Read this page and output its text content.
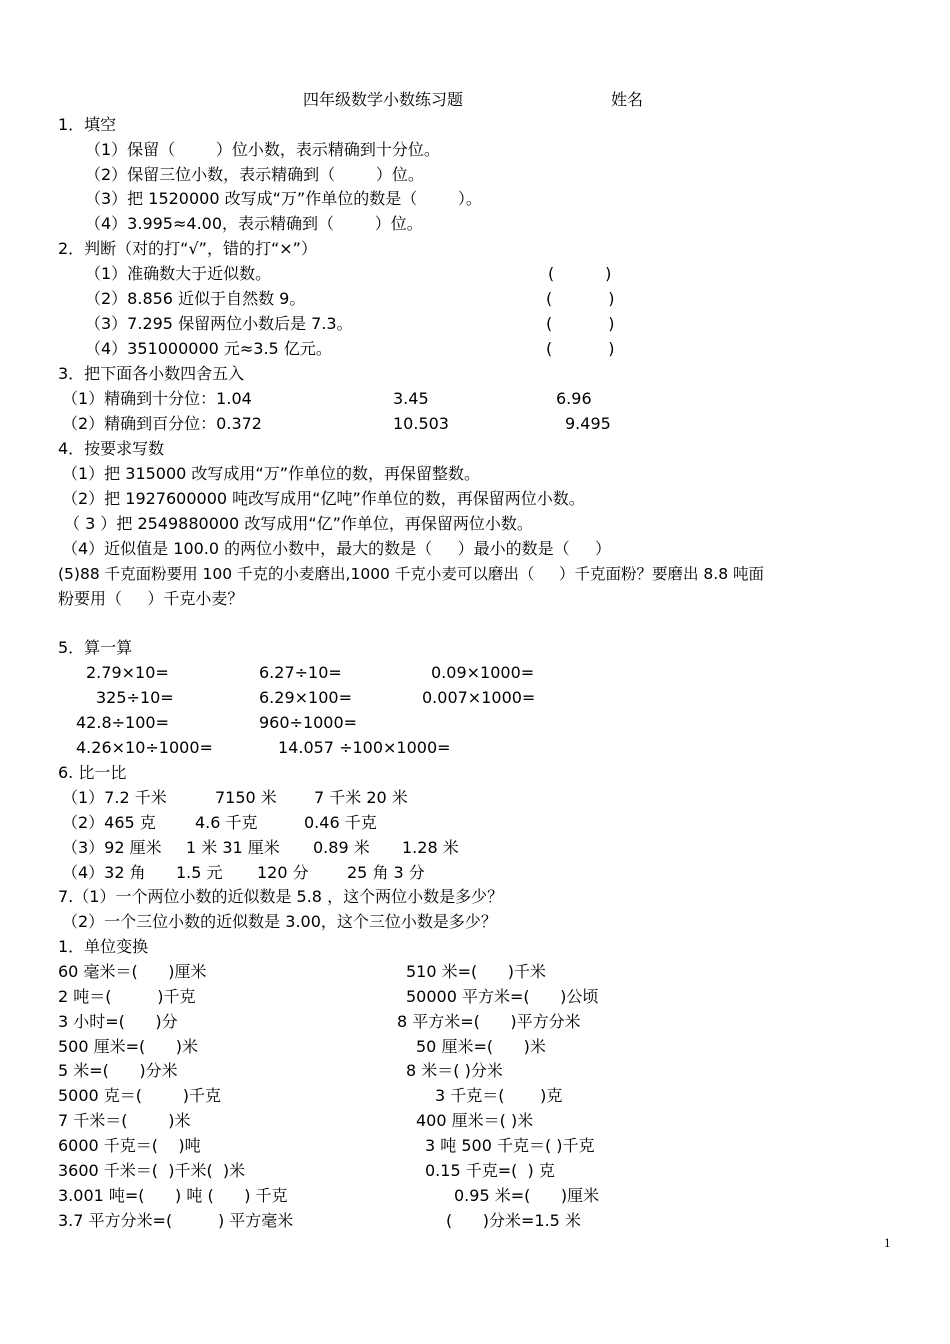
四年级数学小数练习题	姓名
1．填空
（1）保留（        ）位小数，表示精确到十分位。
（2）保留三位小数，表示精确到（        ）位。
（3）把 1520000 改写成“万”作单位的数是（        ）。
（4）3.995≈4.00，表示精确到（        ）位。
2．判断（对的打“√”，错的打“×”）
（1）准确数大于近似数。	(          )
（2）8.856 近似于自然数 9。	(           )
（3）7.295 保留两位小数后是 7.3。	(           )
（4）351000000 元≈3.5 亿元。	(           )
3．把下面各小数四舍五入
（1）精确到十分位：1.04	3.45	6.96
（2）精确到百分位：0.372	10.503	9.495
4．按要求写数
（1）把 315000 改写成用“万”作单位的数，再保留整数。
（2）把 1927600000 吨改写成用“亿吨”作单位的数，再保留两位小数。
（ 3 ）把 2549880000 改写成用“亿”作单位，再保留两位小数。
（4）近似值是 100.0 的两位小数中，最大的数是（     ）最小的数是（     ）
(5)88 千克面粉要用 100 千克的小麦磨出,1000 千克小麦可以磨出（     ）千克面粉？要磨出 8.8 吨面
粉要用（     ）千克小麦？
5．算一算
2.79×10=	6.27÷10=	0.09×1000=
325÷10=	6.29×100=	0.007×1000=
42.8÷100=	960÷1000=
4.26×10÷1000=	14.057 ÷100×1000=
6. 比一比
（1）7.2 千米	7150 米 7 千米 20 米
（2）465 克 4.6 千克	0.46 千克
（3）92 厘米 1 米 31 厘米 0.89 米 1.28 米
（4）32 角 1.5 元 120 分 25 角 3 分
7.（1）一个两位小数的近似数是 5.8 ，这个两位小数是多少？
（2）一个三位小数的近似数是 3.00，这个三位小数是多少？
1．单位变换
60 毫米＝(      )厘米	510 米=(      )千米
2 吨＝(         )千克	50000 平方米=(      )公顷
3 小时=(      )分	8 平方米=(      )平方分米
500 厘米=(      )米	50 厘米=(      )米
5 米=(      )分米	8 米＝( )分米
5000 克＝(        )千克	3 千克＝(       )克
7 千米＝(        )米	400 厘米＝( )米
6000 千克＝(    )吨	3 吨 500 千克＝( )千克
3600 千米＝(  )千米(  )米	0.15 千克=(  ) 克
3.001 吨=(      ) 吨 (      ) 千克	0.95 米=(      )厘米
3.7 平方分米=(         ) 平方毫米	(      )分米=1.5 米
1
